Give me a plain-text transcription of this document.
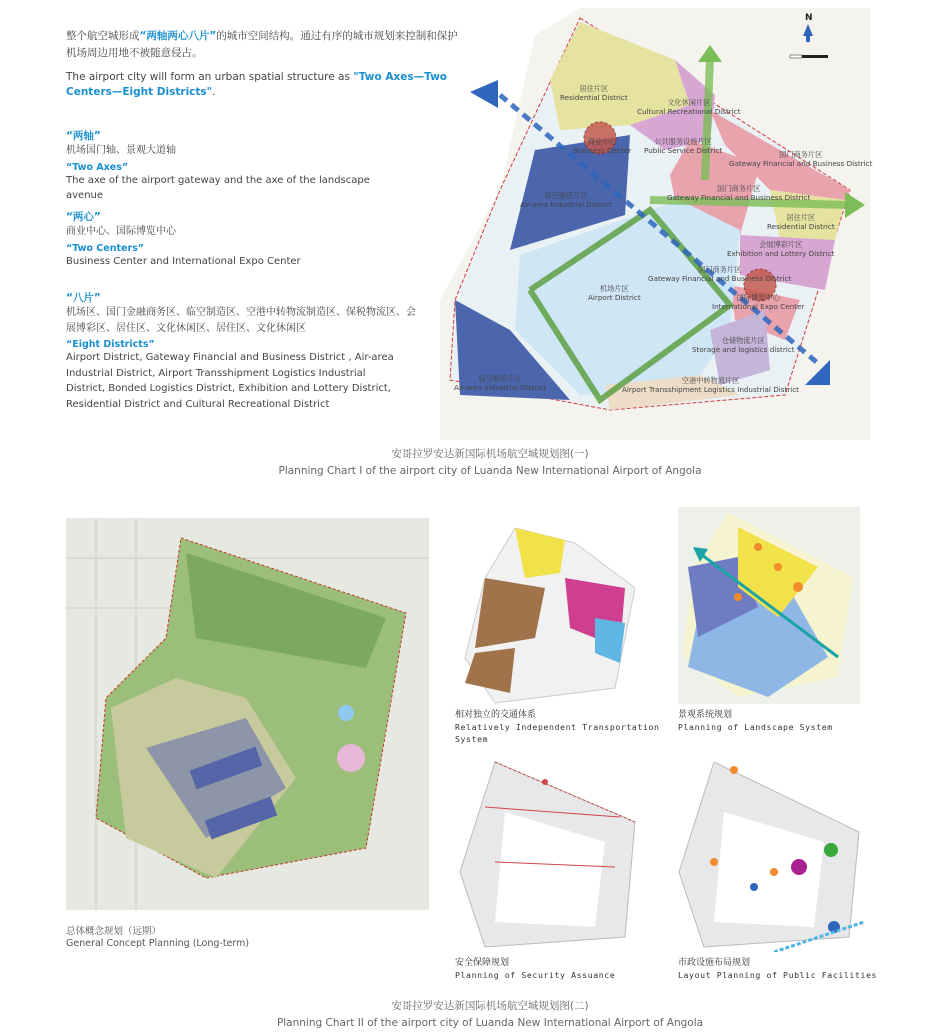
整个航空城形成“两轴两心八片”的城市空间结构。通过有序的城市规划来控制和保护机场周边用地不被随意侵占。
The airport city will form an urban spatial structure as "Two Axes—Two Centers—Eight Districts".
“两轴”
机场国门轴、景观大道轴
“Two Axes”
The axe of the airport gateway and the axe of the landscape avenue
“两心”
商业中心、国际博览中心
“Two Centers”
Business Center and International Expo Center
“八片”
机场区、国门金融商务区、临空制造区、空港中转物流制造区、保税物流区、会展博彩区、居住区、文化休闲区、居住区、文化休闲区
“Eight Districts”
Airport District, Gateway Financial and Business District , Air-area Industrial District, Airport Transshipment Logistics Industrial District, Bonded Logistics District, Exhibition and Lottery District, Residential District and Cultural Recreational District
N
居住片区
Residential District
文化休闲片区
Cultural Recreational District
商业中心
Business Center
公共服务设施片区
Public Service District	国门商务片区
Gateway Financial and Business District
国门商务片区
Gateway Financial and Business District
临空制造片区
Air-area Industrial District
居住片区
Residential District
会展博彩片区
Exhibition and Lottery District
机场片区
Airport District
国门商务片区
Gateway Financial and Business District
国际博览中心
International Expo Center
仓储物流片区
Storage and logistics district
临空制造片区
Air-area Industrial District
空港中转物流片区
Airport Transshipment Logistics Industrial District
安哥拉罗安达新国际机场航空城规划图(一)
Planning Chart I of the airport city of Luanda New International Airport of Angola
总体概念规划（远期）
General Concept Planning (Long-term)
相对独立的交通体系
Relatively Independent Transportation System
景观系统规划
Planning of Landscape System
安全保障规划
Planning of Security Assuance
市政设施布局规划
Layout Planning of Public Facilities
安哥拉罗安达新国际机场航空城规划图(二)
Planning Chart II of the airport city of Luanda New International Airport of Angola
